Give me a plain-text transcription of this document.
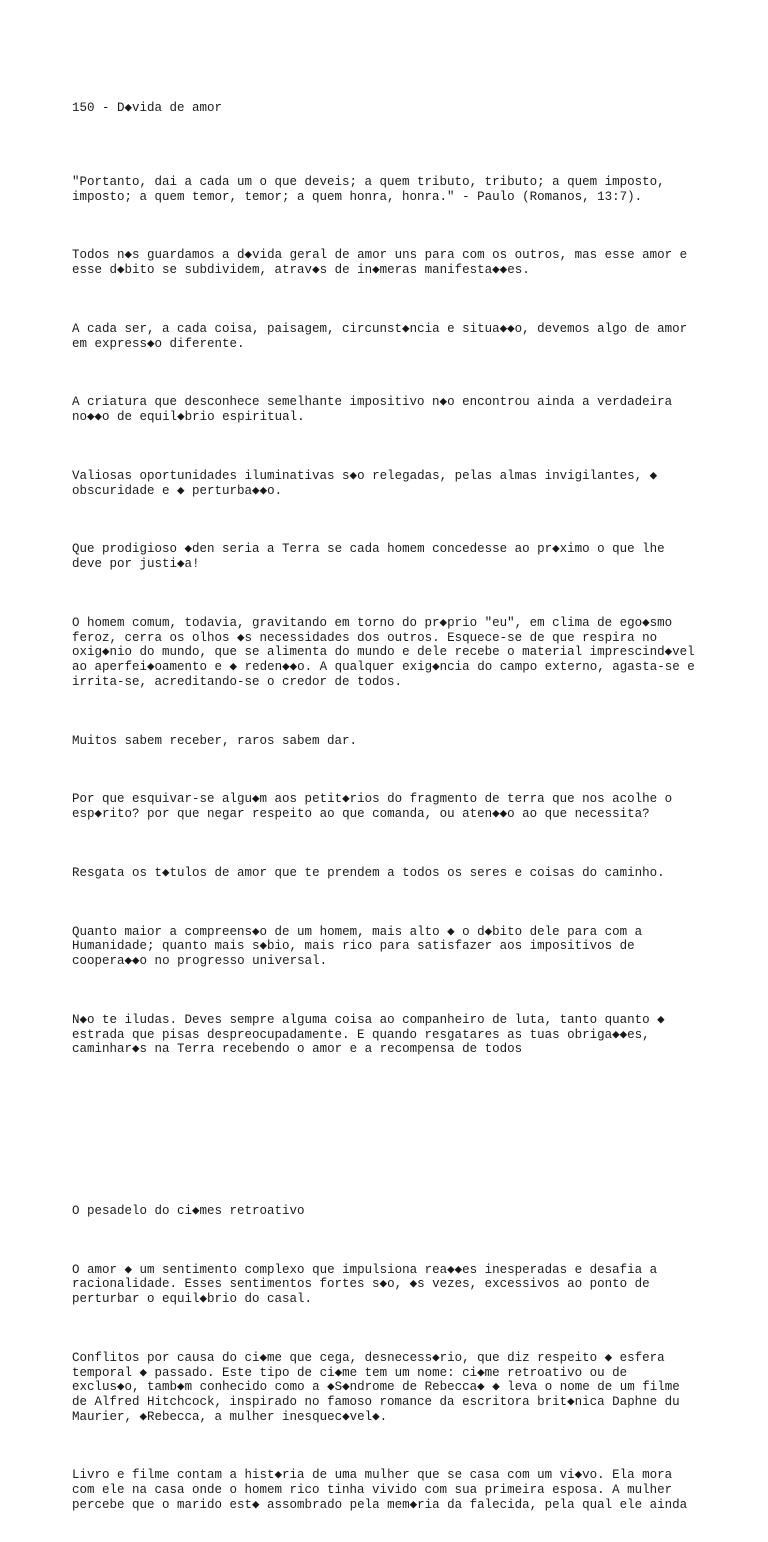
150 - D◆vida de amor

"Portanto, dai a cada um o que deveis; a quem tributo, tributo; a quem imposto,
imposto; a quem temor, temor; a quem honra, honra." - Paulo (Romanos, 13:7).

Todos n◆s guardamos a d◆vida geral de amor uns para com os outros, mas esse amor e
esse d◆bito se subdividem, atrav◆s de in◆meras manifesta◆◆es.

A cada ser, a cada coisa, paisagem, circunst◆ncia e situa◆◆o, devemos algo de amor
em express◆o diferente.

A criatura que desconhece semelhante impositivo n◆o encontrou ainda a verdadeira
no◆◆o de equil◆brio espiritual.

Valiosas oportunidades iluminativas s◆o relegadas, pelas almas invigilantes, ◆
obscuridade e ◆ perturba◆◆o.

Que prodigioso ◆den seria a Terra se cada homem concedesse ao pr◆ximo o que lhe
deve por justi◆a!

O homem comum, todavia, gravitando em torno do pr◆prio "eu", em clima de ego◆smo
feroz, cerra os olhos ◆s necessidades dos outros. Esquece-se de que respira no
oxig◆nio do mundo, que se alimenta do mundo e dele recebe o material imprescind◆vel
ao aperfei◆oamento e ◆ reden◆◆o. A qualquer exig◆ncia do campo externo, agasta-se e
irrita-se, acreditando-se o credor de todos.

Muitos sabem receber, raros sabem dar.

Por que esquivar-se algu◆m aos petit◆rios do fragmento de terra que nos acolhe o
esp◆rito? por que negar respeito ao que comanda, ou aten◆◆o ao que necessita?

Resgata os t◆tulos de amor que te prendem a todos os seres e coisas do caminho.

Quanto maior a compreens◆o de um homem, mais alto ◆ o d◆bito dele para com a
Humanidade; quanto mais s◆bio, mais rico para satisfazer aos impositivos de
coopera◆◆o no progresso universal.

N◆o te iludas. Deves sempre alguma coisa ao companheiro de luta, tanto quanto ◆
estrada que pisas despreocupadamente. E quando resgatares as tuas obriga◆◆es,
caminhar◆s na Terra recebendo o amor e a recompensa de todos

O pesadelo do ci◆mes retroativo

O amor ◆ um sentimento complexo que impulsiona rea◆◆es inesperadas e desafia a
racionalidade. Esses sentimentos fortes s◆o, ◆s vezes, excessivos ao ponto de
perturbar o equil◆brio do casal.

Conflitos por causa do ci◆me que cega, desnecess◆rio, que diz respeito ◆ esfera
temporal ◆ passado. Este tipo de ci◆me tem um nome: ci◆me retroativo ou de
exclus◆o, tamb◆m conhecido como a ◆S◆ndrome de Rebecca◆ ◆ leva o nome de um filme
de Alfred Hitchcock, inspirado no famoso romance da escritora brit◆nica Daphne du
Maurier, ◆Rebecca, a mulher inesquec◆vel◆.

Livro e filme contam a hist◆ria de uma mulher que se casa com um vi◆vo. Ela mora
com ele na casa onde o homem rico tinha vivido com sua primeira esposa. A mulher
percebe que o marido est◆ assombrado pela mem◆ria da falecida, pela qual ele ainda
